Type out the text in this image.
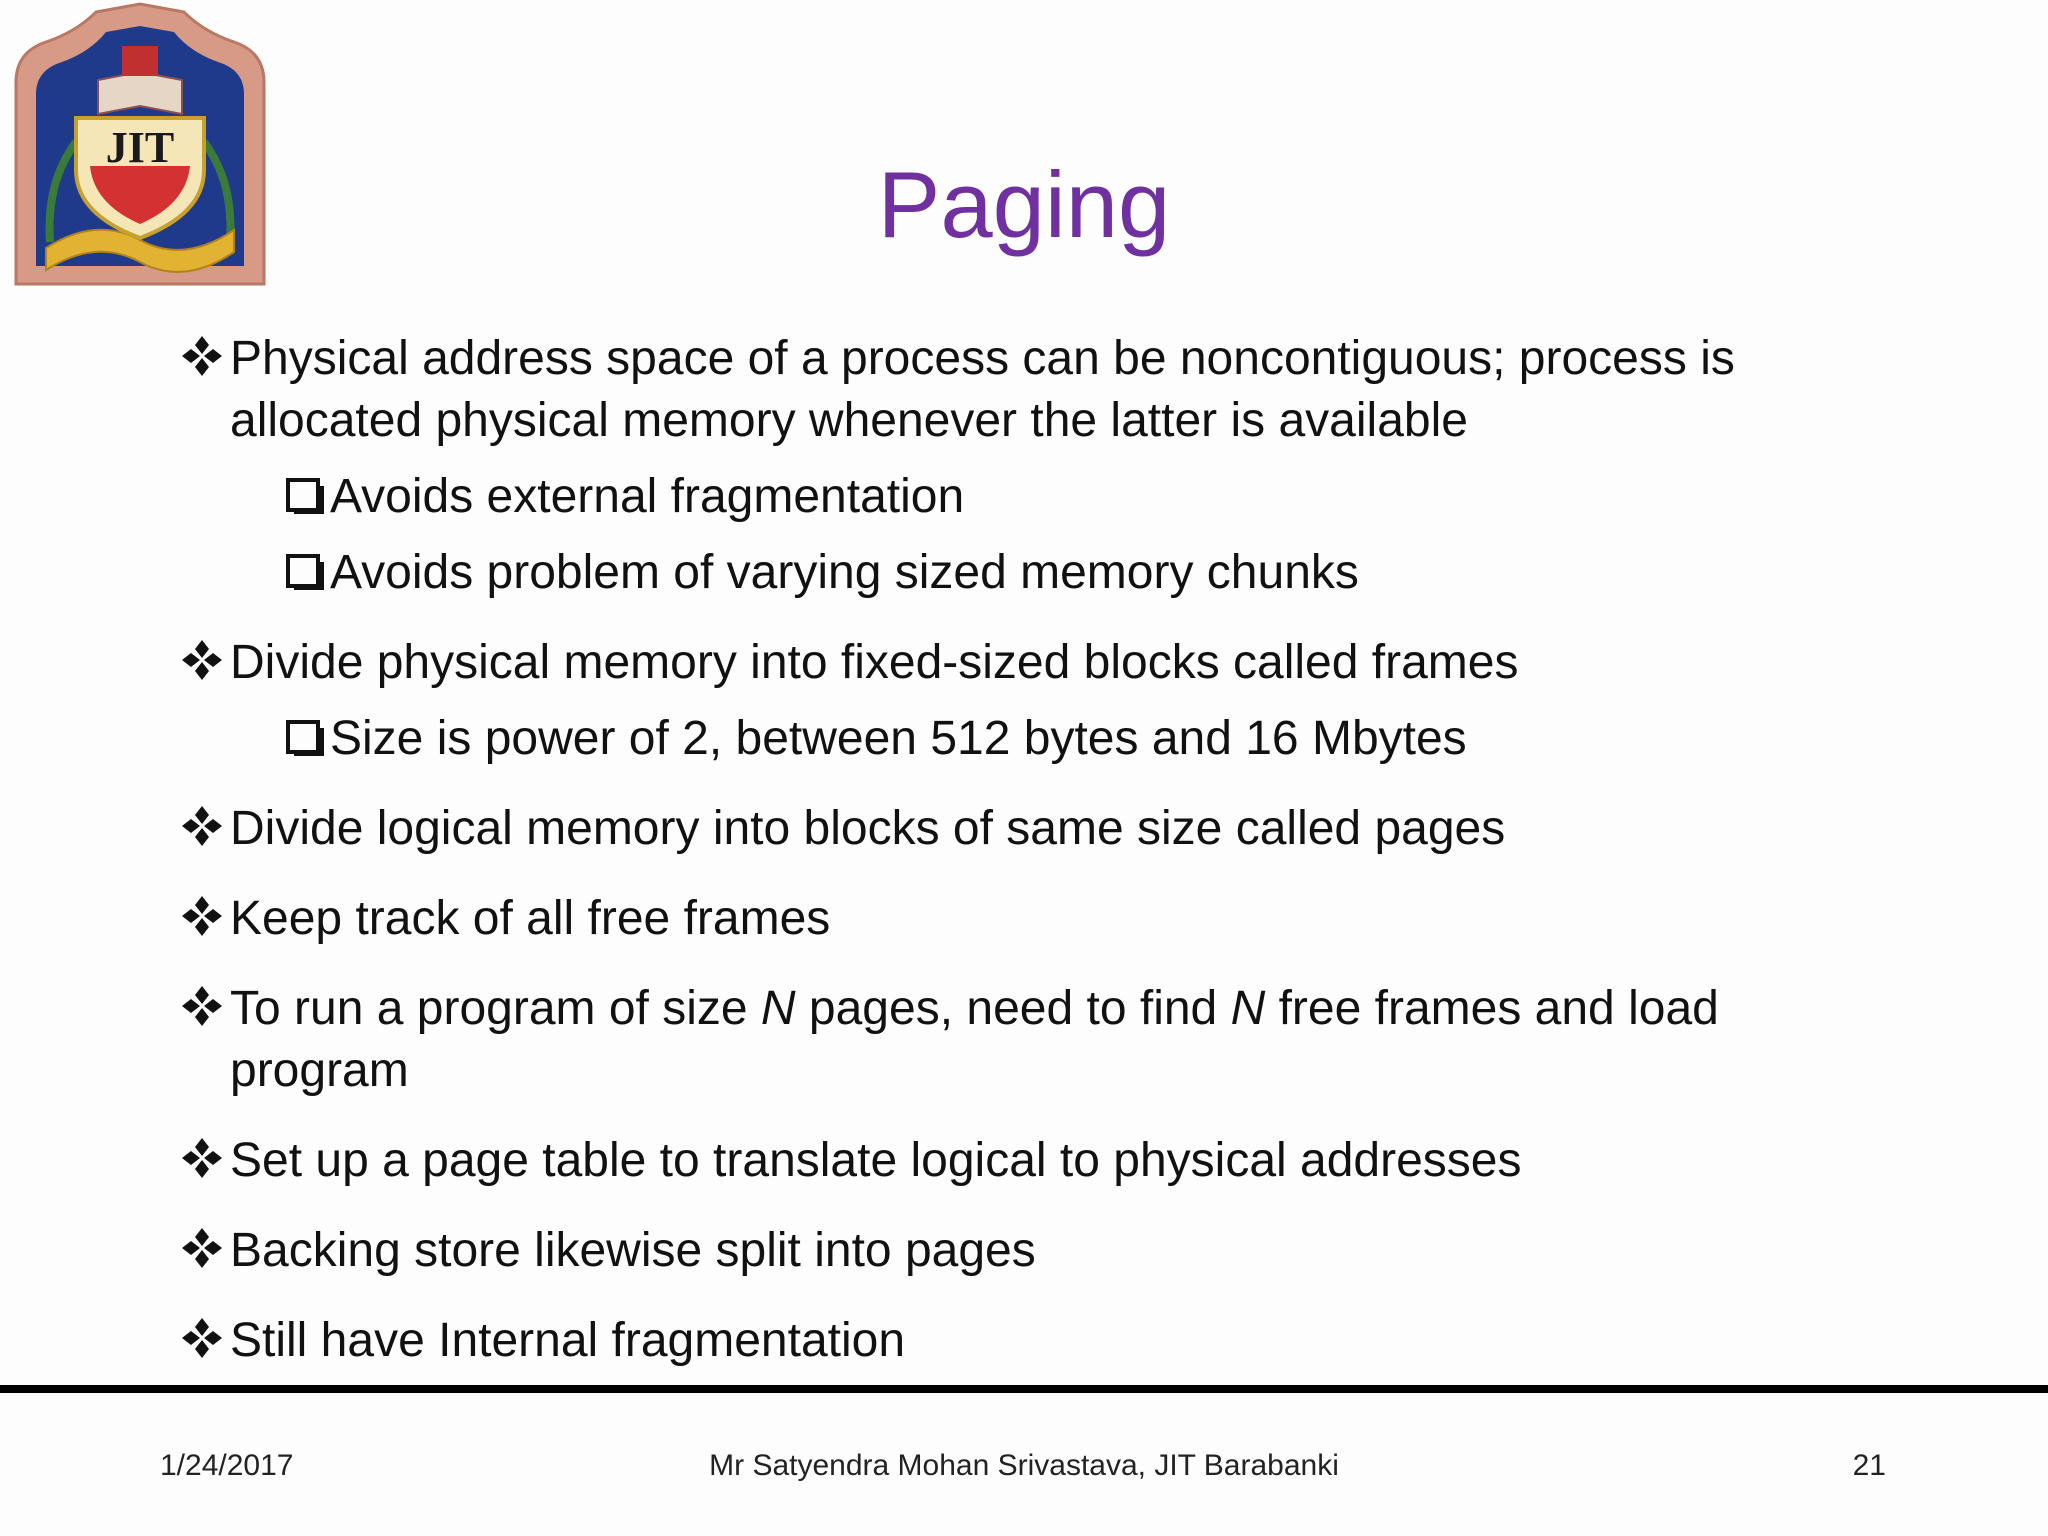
JIT
Paging
Physical address space of a process can be noncontiguous; process is allocated physical memory whenever the latter is available
Avoids external fragmentation
Avoids problem of varying sized memory chunks
Divide physical memory into fixed-sized blocks called frames
Size is power of 2, between 512 bytes and 16 Mbytes
Divide logical memory into blocks of same size called pages
Keep track of all free frames
To run a program of size N pages, need to find N free frames and load program
Set up a page table to translate logical to physical addresses
Backing store likewise split into pages
Still have Internal fragmentation
1/24/2017	Mr Satyendra Mohan Srivastava, JIT Barabanki	21
